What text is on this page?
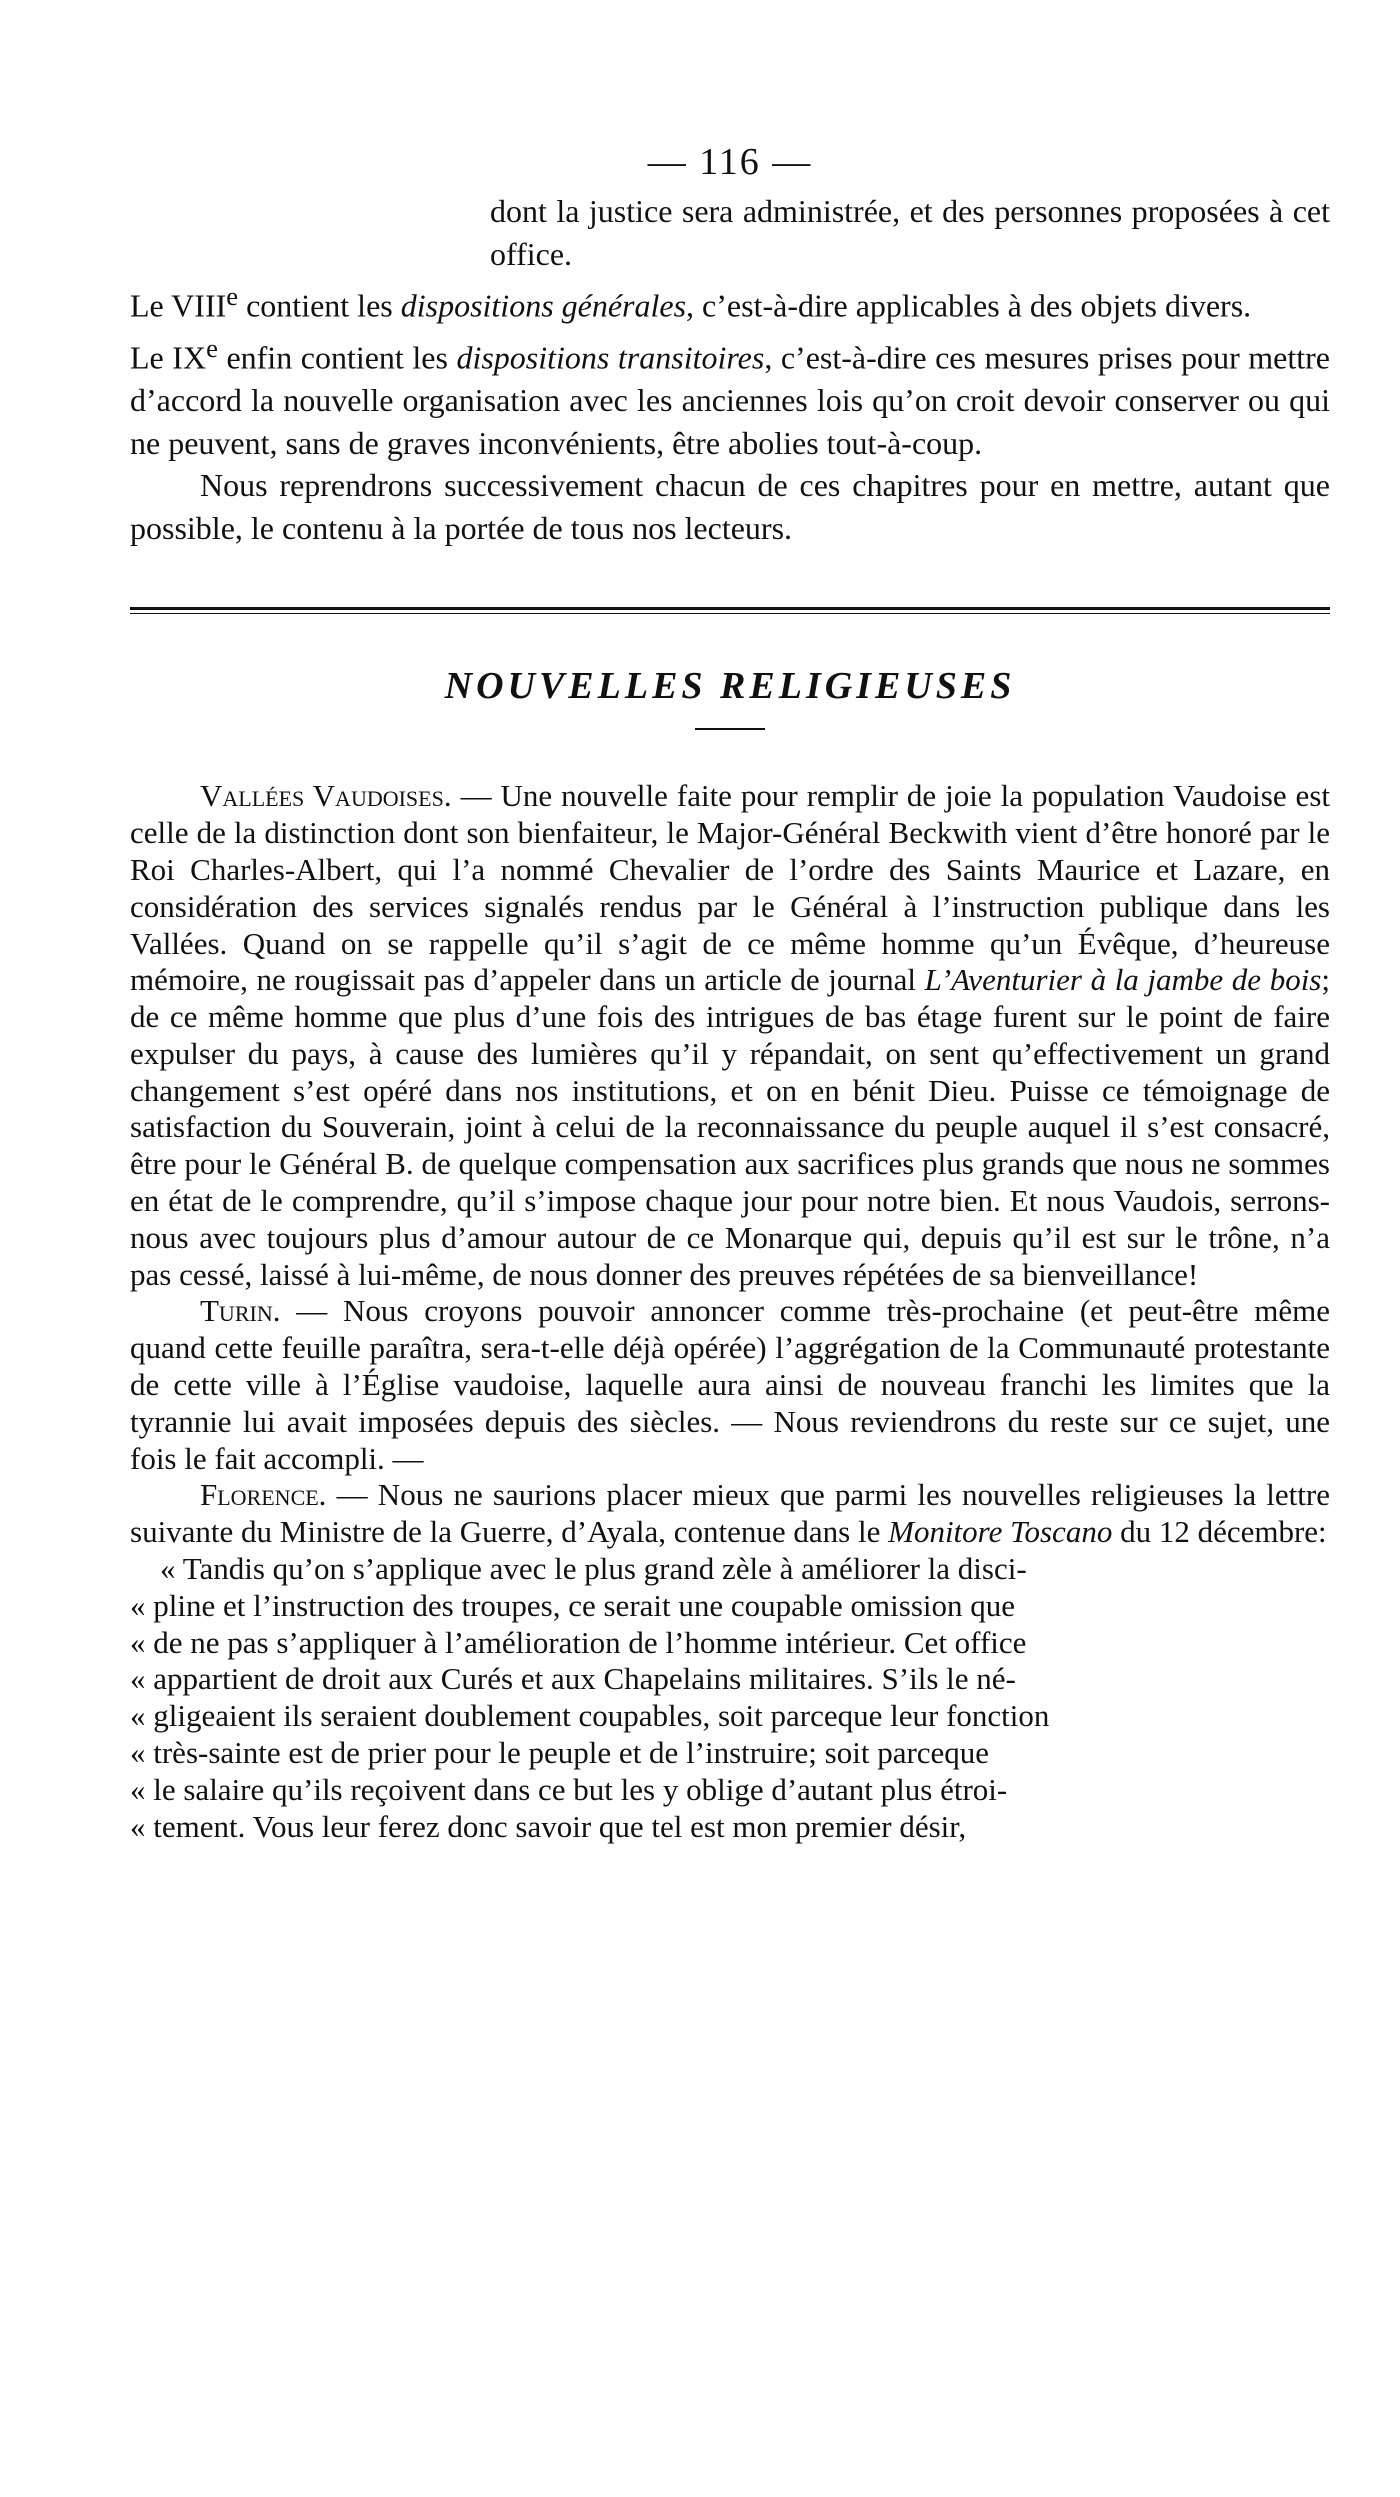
— 116 —

dont la justice sera administrée, et des personnes proposées à cet office.

Le VIIIe contient les dispositions générales, c’est-à-dire applicables à des objets divers.

Le IXe enfin contient les dispositions transitoires, c’est-à-dire ces mesures prises pour mettre d’accord la nouvelle organisation avec les anciennes lois qu’on croit devoir conserver ou qui ne peuvent, sans de graves inconvénients, être abolies tout-à-coup.

Nous reprendrons successivement chacun de ces chapitres pour en mettre, autant que possible, le contenu à la portée de tous nos lecteurs.

NOUVELLES RELIGIEUSES

Vallées Vaudoises. — Une nouvelle faite pour remplir de joie la population Vaudoise est celle de la distinction dont son bienfaiteur, le Major-Général Beckwith vient d’être honoré par le Roi Charles-Albert, qui l’a nommé Chevalier de l’ordre des Saints Maurice et Lazare, en considération des services signalés rendus par le Général à l’instruction publique dans les Vallées. Quand on se rappelle qu’il s’agit de ce même homme qu’un Évêque, d’heureuse mémoire, ne rougissait pas d’appeler dans un article de journal L’Aventurier à la jambe de bois; de ce même homme que plus d’une fois des intrigues de bas étage furent sur le point de faire expulser du pays, à cause des lumières qu’il y répandait, on sent qu’effectivement un grand changement s’est opéré dans nos institutions, et on en bénit Dieu. Puisse ce témoignage de satisfaction du Souverain, joint à celui de la reconnaissance du peuple auquel il s’est consacré, être pour le Général B. de quelque compensation aux sacrifices plus grands que nous ne sommes en état de le comprendre, qu’il s’impose chaque jour pour notre bien. Et nous Vaudois, serrons-nous avec toujours plus d’amour autour de ce Monarque qui, depuis qu’il est sur le trône, n’a pas cessé, laissé à lui-même, de nous donner des preuves répétées de sa bienveillance!

Turin. — Nous croyons pouvoir annoncer comme très-prochaine (et peut-être même quand cette feuille paraîtra, sera-t-elle déjà opérée) l’aggrégation de la Communauté protestante de cette ville à l’Église vaudoise, laquelle aura ainsi de nouveau franchi les limites que la tyrannie lui avait imposées depuis des siècles. — Nous reviendrons du reste sur ce sujet, une fois le fait accompli. —

Florence. — Nous ne saurions placer mieux que parmi les nouvelles religieuses la lettre suivante du Ministre de la Guerre, d’Ayala, contenue dans le Monitore Toscano du 12 décembre:

« Tandis qu’on s’applique avec le plus grand zèle à améliorer la disci-

« pline et l’instruction des troupes, ce serait une coupable omission que

« de ne pas s’appliquer à l’amélioration de l’homme intérieur. Cet office

« appartient de droit aux Curés et aux Chapelains militaires. S’ils le né-

« gligeaient ils seraient doublement coupables, soit parceque leur fonction

« très-sainte est de prier pour le peuple et de l’instruire; soit parceque

« le salaire qu’ils reçoivent dans ce but les y oblige d’autant plus étroi-

« tement. Vous leur ferez donc savoir que tel est mon premier désir,
